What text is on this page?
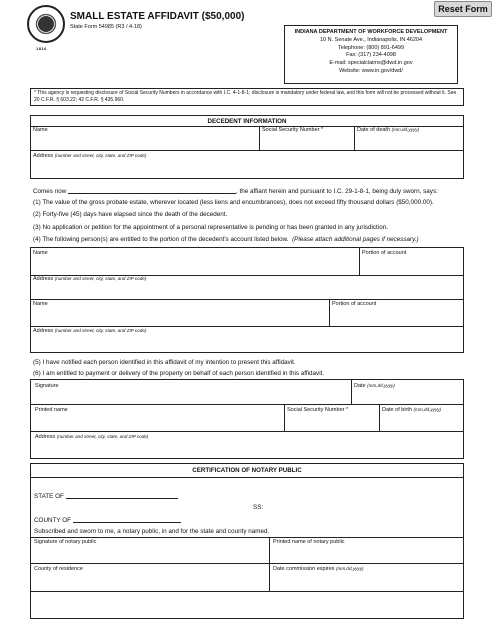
Reset Form
1816
SMALL ESTATE AFFIDAVIT ($50,000)
State Form 54985 (R3 / 4-18)
INDIANA DEPARTMENT OF WORKFORCE DEVELOPMENT
10 N. Senate Ave., Indianapolis, IN 46204
Telephone: (800) 891-6499
Fax: (317) 234-4098
E-mail: specialclaims@dwd.in.gov
Website: www.in.gov/dwd/
* This agency is requesting disclosure of Social Security Numbers in accordance with I.C. 4-1-8-1; disclosure is mandatory under federal law, and this form will not be processed without it. See 20 C.F.R. § 603.22; 42 C.F.R. § 435.960.
DECEDENT INFORMATION
Name	Social Security Number *	Date of death (mm,dd,yyyy)
Address (number and street, city, state, and ZIP code)
Comes now	, the affiant herein and pursuant to I.C. 29-1-8-1, being duly sworn, says:
(1) The value of the gross probate estate, wherever located (less liens and encumbrances), does not exceed fifty thousand dollars ($50,000.00).
(2) Forty-five (45) days have elapsed since the death of the decedent.
(3) No application or petition for the appointment of a personal representative is pending or has been granted in any jurisdiction.
(4) The following person(s) are entitled to the portion of the decedent's account listed below. (Please attach additional pages if necessary.)
Name	Portion of account
Address (number and street, city, state, and ZIP code)
Name	Portion of account
Address (number and street, city, state, and ZIP code)
(5) I have notified each person identified in this affidavit of my intention to present this affidavit.
(6) I am entitled to payment or delivery of the property on behalf of each person identified in this affidavit.
Signature	Date (mm,dd,yyyy)
Printed name	Social Security Number *	Date of birth (mm,dd,yyyy)
Address (number and street, city, state, and ZIP code)
CERTIFICATION OF NOTARY PUBLIC
STATE OF
SS:
COUNTY OF
Subscribed and sworn to me, a notary public, in and for the state and county named.
Signature of notary public	Printed name of notary public
County of residence	Date commission expires (mm,dd,yyyy)
